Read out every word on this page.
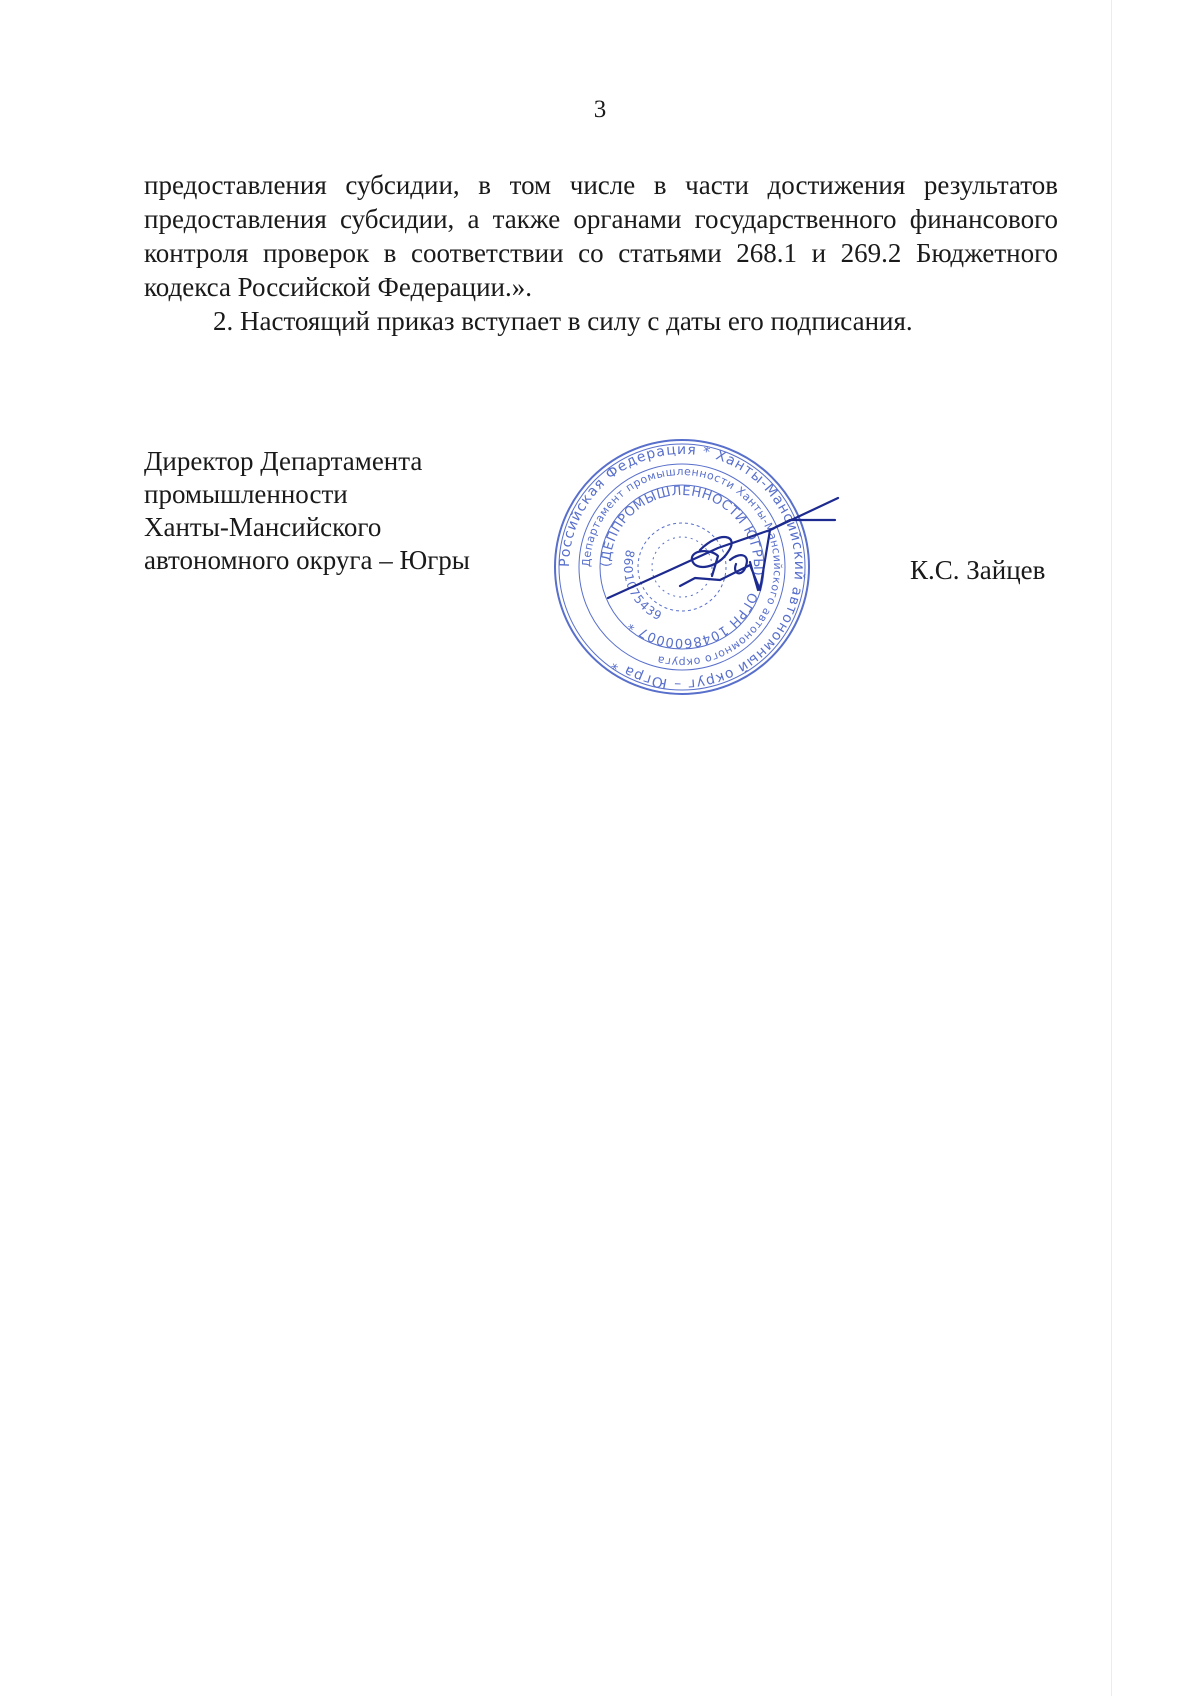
3
предоставления субсидии, в том числе в части достижения результатов
предоставления субсидии, а также органами государственного финансового
контроля проверок в соответствии со статьями 268.1 и 269.2 Бюджетного
кодекса Российской Федерации.».
2. Настоящий приказ вступает в силу с даты его подписания.
Директор Департамента
промышленности
Ханты-Мансийского
автономного округа – Югры	Российская Федерация * Ханты-Мансийский автономный округ – Югра *
Департамент промышленности Ханты-Мансийского автономного округа
(ДЕППРОМЫШЛЕННОСТИ ЮГРЫ) * ОГРН 1048600007 *
8601075439
К.С. Зайцев
